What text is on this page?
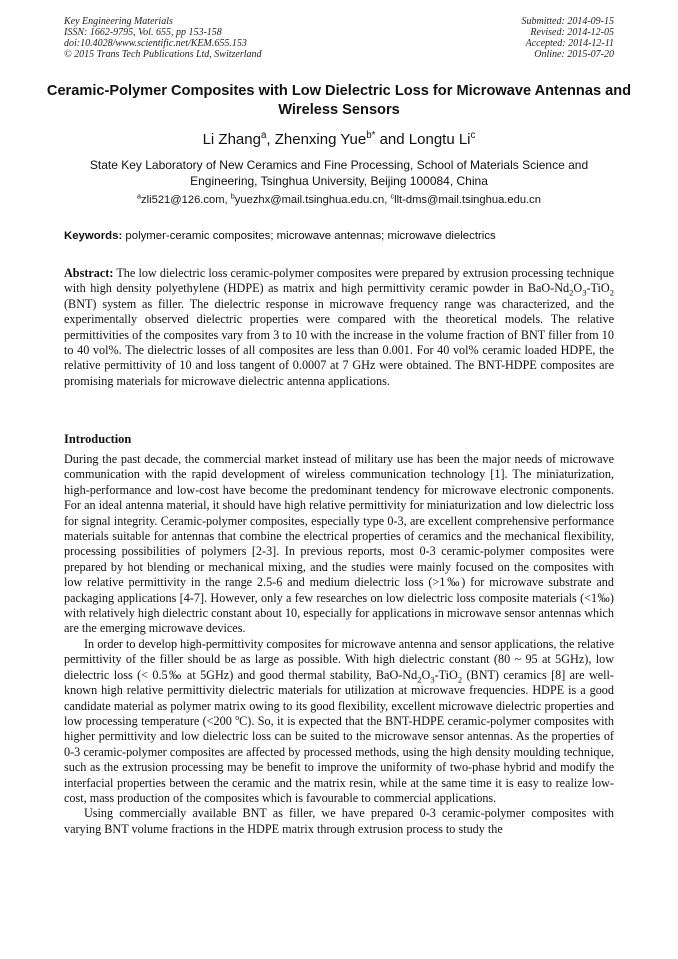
Key Engineering Materials
ISSN: 1662-9795, Vol. 655, pp 153-158
doi:10.4028/www.scientific.net/KEM.655.153
© 2015 Trans Tech Publications Ltd, Switzerland
Submitted: 2014-09-15
Revised: 2014-12-05
Accepted: 2014-12-11
Online: 2015-07-20
Ceramic-Polymer Composites with Low Dielectric Loss for Microwave Antennas and Wireless Sensors
Li Zhang$^a$, Zhenxing Yue$^{b*}$ and Longtu Li$^c$
State Key Laboratory of New Ceramics and Fine Processing, School of Materials Science and Engineering, Tsinghua University, Beijing 100084, China
$^a$zli521@126.com, $^b$yuezhx@mail.tsinghua.edu.cn, $^c$llt-dms@mail.tsinghua.edu.cn
Keywords: polymer-ceramic composites; microwave antennas; microwave dielectrics
Abstract: The low dielectric loss ceramic-polymer composites were prepared by extrusion processing technique with high density polyethylene (HDPE) as matrix and high permittivity ceramic powder in BaO-$Nd_2O_3-TiO_2$ (BNT) system as filler. The dielectric response in microwave frequency range was characterized, and the experimentally observed dielectric properties were compared with the theoretical models. The relative permittivities of the composites vary from 3 to 10 with the increase in the volume fraction of BNT filler from 10 to 40 vol%. The dielectric losses of all composites are less than 0.001. For 40 vol% ceramic loaded HDPE, the relative permittivity of 10 and loss tangent of 0.0007 at 7 GHz were obtained. The BNT-HDPE composites are promising materials for microwave dielectric antenna applications.
Introduction

During the past decade, the commercial market instead of military use has been the major needs of microwave communication with the rapid development of wireless communication technology [1]. The miniaturization, high-performance and low-cost have become the predominant tendency for microwave electronic components. For an ideal antenna material, it should have high relative permittivity for miniaturization and low dielectric loss for signal integrity. Ceramic-polymer composites, especially type 0-3, are excellent comprehensive performance materials suitable for antennas that combine the electrical properties of ceramics and the mechanical flexibility, processing possibilities of polymers [2-3]. In previous reports, most 0-3 ceramic-polymer composites were prepared by hot blending or mechanical mixing, and the studies were mainly focused on the composites with low relative permittivity in the range 2.5-6 and medium dielectric loss (>1‰) for microwave substrate and packaging applications [4-7]. However, only a few researches on low dielectric loss composite materials (<1‰) with relatively high dielectric constant about 10, especially for applications in microwave sensor antennas which are the emerging microwave devices.

In order to develop high-permittivity composites for microwave antenna and sensor applications, the relative permittivity of the filler should be as large as possible. With high dielectric constant (80 ~ 95 at 5GHz), low dielectric loss (< 0.5‰ at 5GHz) and good thermal stability, BaO-$Nd_2O_3-TiO_2$ (BNT) ceramics [8] are well-known high relative permittivity dielectric materials for utilization at microwave frequencies. HDPE is a good candidate material as polymer matrix owing to its good flexibility, excellent microwave dielectric properties and low processing temperature (<200 $^o$C). So, it is expected that the BNT-HDPE ceramic-polymer composites with higher permittivity and low dielectric loss can be suited to the microwave sensor antennas. As the properties of 0-3 ceramic-polymer composites are affected by processed methods, using the high density moulding technique, such as the extrusion processing may be benefit to improve the uniformity of two-phase hybrid and modify the interfacial properties between the ceramic and the matrix resin, while at the same time it is easy to realize low-cost, mass production of the composites which is favourable to commercial applications.

Using commercially available BNT as filler, we have prepared 0-3 ceramic-polymer composites with varying BNT volume fractions in the HDPE matrix through extrusion process to study the
